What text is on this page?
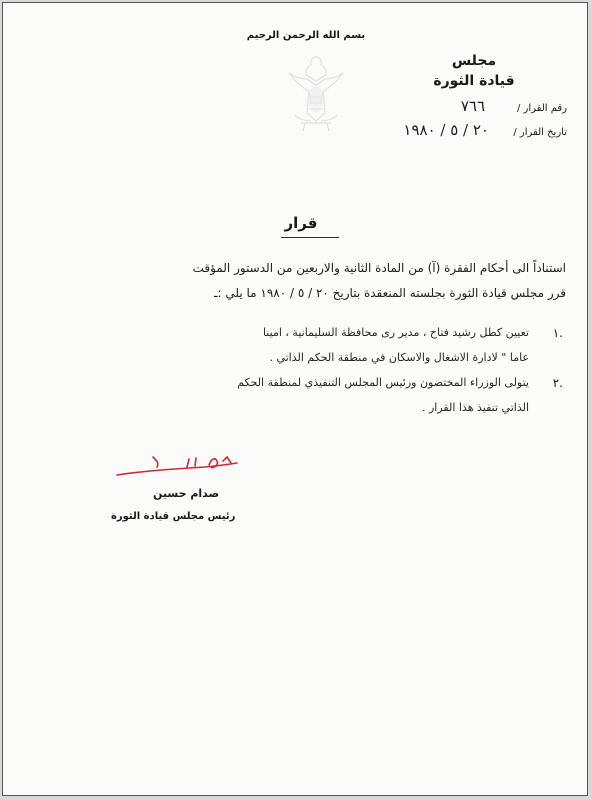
بسم الله الرحمن الرحيم
مجلس
قيادة الثورة
رقم القرار /
٧٦٦
تاريخ القرار /
٢٠ / ٥ / ١٩٨٠
قرار
استناداً الى أحكام الفقرة (آ) من المادة الثانية والاربعين من الدستور المؤقت
قرر مجلس قيادة الثورة بجلسته المنعقدة بتاريخ ٢٠ / ٥ / ١٩٨٠ ما يلي :ـ
١.
تعيين كطل رشيد فتاح ، مدير رى محافظة السليمانية ، امينا
عاما " لادارة الاشغال والاسكان في منطقة الحكم الذاتي .
٢.
يتولى الوزراء المختصون ورئيس المجلس التنفيذي لمنطقة الحكم
الذاتي تنفيذ هذا القرار .
صدام حسين
رئيس مجلس قيادة الثورة
